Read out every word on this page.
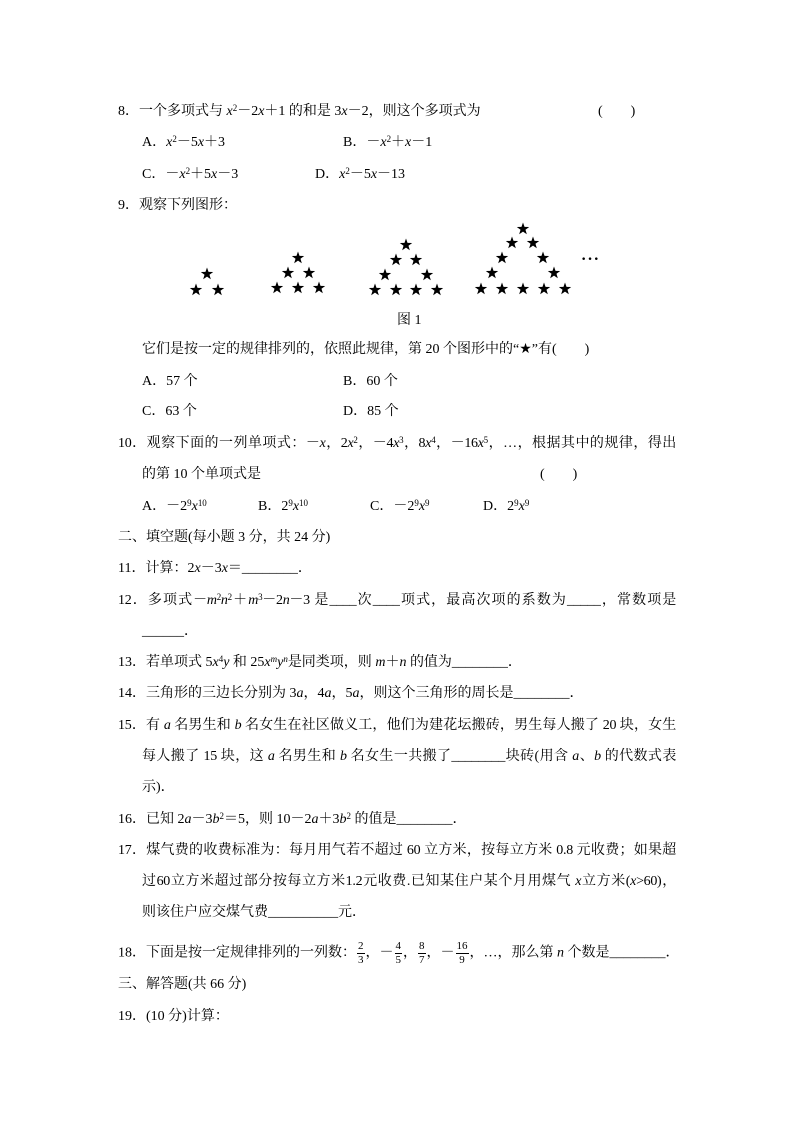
8．一个多项式与 $x^2-2x+1$ 的和是 3x－2，则这个多项式为	(　　)
A．$x^2-5x+3$	B．$-x^2+x-1$
C．$-x^2+5x-3$	D．$x^2-5x-13$
9．观察下列图形：
···
图 1
它们是按一定的规律排列的，依照此规律，第 20 个图形中的“★”有(　　)
A．57 个	B．60 个
C．63 个	D．85 个
10．观察下面的一列单项式：－x，$2x^2$，$-4x^3$，$8x^4$，$-16x^5$，…，根据其中的规律，得出
的第 10 个单项式是	(　　)
A．$-2^9x^{10}$	B．$2^9x^{10}$	C．$-2^9x^9$	D．$2^9x^9$
二、填空题(每小题 3 分，共 24 分)
11．计算：2x－3x＝________．
12．多项式$-m^2n^2+m^3-2n-3$ 是____次____项式，最高次项的系数为_____，常数项是
______．
13．若单项式 $5x^4y$ 和 $25x^my^n$是同类项，则 m＋n 的值为________．
14．三角形的三边长分别为 3a，4a，5a，则这个三角形的周长是________．
15．有 a 名男生和 b 名女生在社区做义工，他们为建花坛搬砖，男生每人搬了 20 块，女生
每人搬了 15 块，这 a 名男生和 b 名女生一共搬了________块砖(用含 a、b 的代数式表
示)．
16．已知 $2a-3b^2=5$，则 $10-2a+3b^2$ 的值是________．
17．煤气费的收费标准为：每月用气若不超过 60 立方米，按每立方米 0.8 元收费；如果超
过60立方米超过部分按每立方米1.2元收费.已知某住户某个月用煤气 x立方米(x>60)，
则该住户应交煤气费__________元．
18．下面是按一定规律排列的一列数： $\frac{2}{3}$ ，－ $\frac{4}{5}$ ， $\frac{8}{7}$ ，－ $\frac{16}{9}$ ，…，那么第 n 个数是________．
三、解答题(共 66 分)
19．(10 分)计算：
